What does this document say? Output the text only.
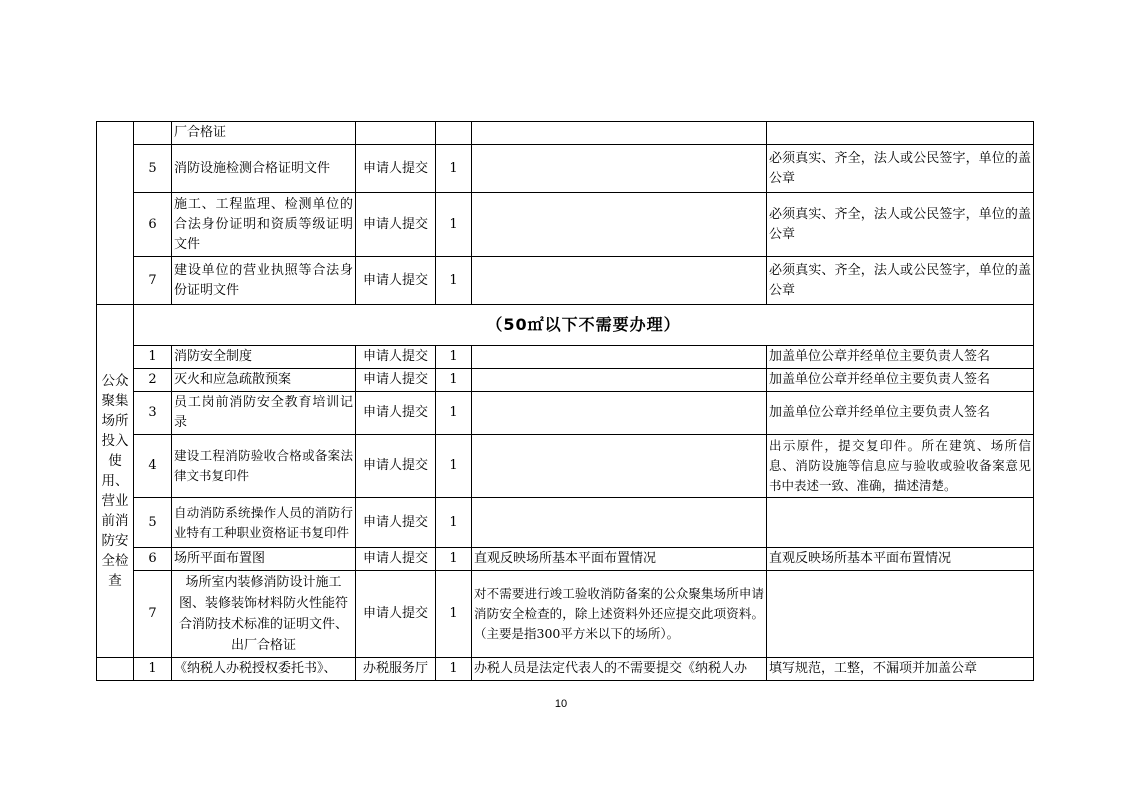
		厂合格证				
	5	消防设施检测合格证明文件	申请人提交	1		必须真实、齐全，法人或公民签字，单位的盖公章
	6	施工、工程监理、检测单位的合法身份证明和资质等级证明文件	申请人提交	1		必须真实、齐全，法人或公民签字，单位的盖公章
	7	建设单位的营业执照等合法身份证明文件	申请人提交	1		必须真实、齐全，法人或公民签字，单位的盖公章
公众聚集场所投入使用、营业前消防安全检查	（50㎡以下不需要办理）					
	1	消防安全制度	申请人提交	1		加盖单位公章并经单位主要负责人签名
	2	灭火和应急疏散预案	申请人提交	1		加盖单位公章并经单位主要负责人签名
	3	员工岗前消防安全教育培训记录	申请人提交	1		加盖单位公章并经单位主要负责人签名
	4	建设工程消防验收合格或备案法律文书复印件	申请人提交	1		出示原件，提交复印件。所在建筑、场所信息、消防设施等信息应与验收或验收备案意见书中表述一致、准确，描述清楚。
	5	自动消防系统操作人员的消防行业特有工种职业资格证书复印件	申请人提交	1		
	6	场所平面布置图	申请人提交	1	直观反映场所基本平面布置情况	直观反映场所基本平面布置情况
	7	场所室内装修消防设计施工图、装修装饰材料防火性能符合消防技术标准的证明文件、出厂合格证	申请人提交	1	对不需要进行竣工验收消防备案的公众聚集场所申请消防安全检查的，除上述资料外还应提交此项资料。（主要是指300平方米以下的场所）。	
	1	《纳税人办税授权委托书》、	办税服务厅	1	办税人员是法定代表人的不需要提交《纳税人办	填写规范，工整，不漏项并加盖公章
10
